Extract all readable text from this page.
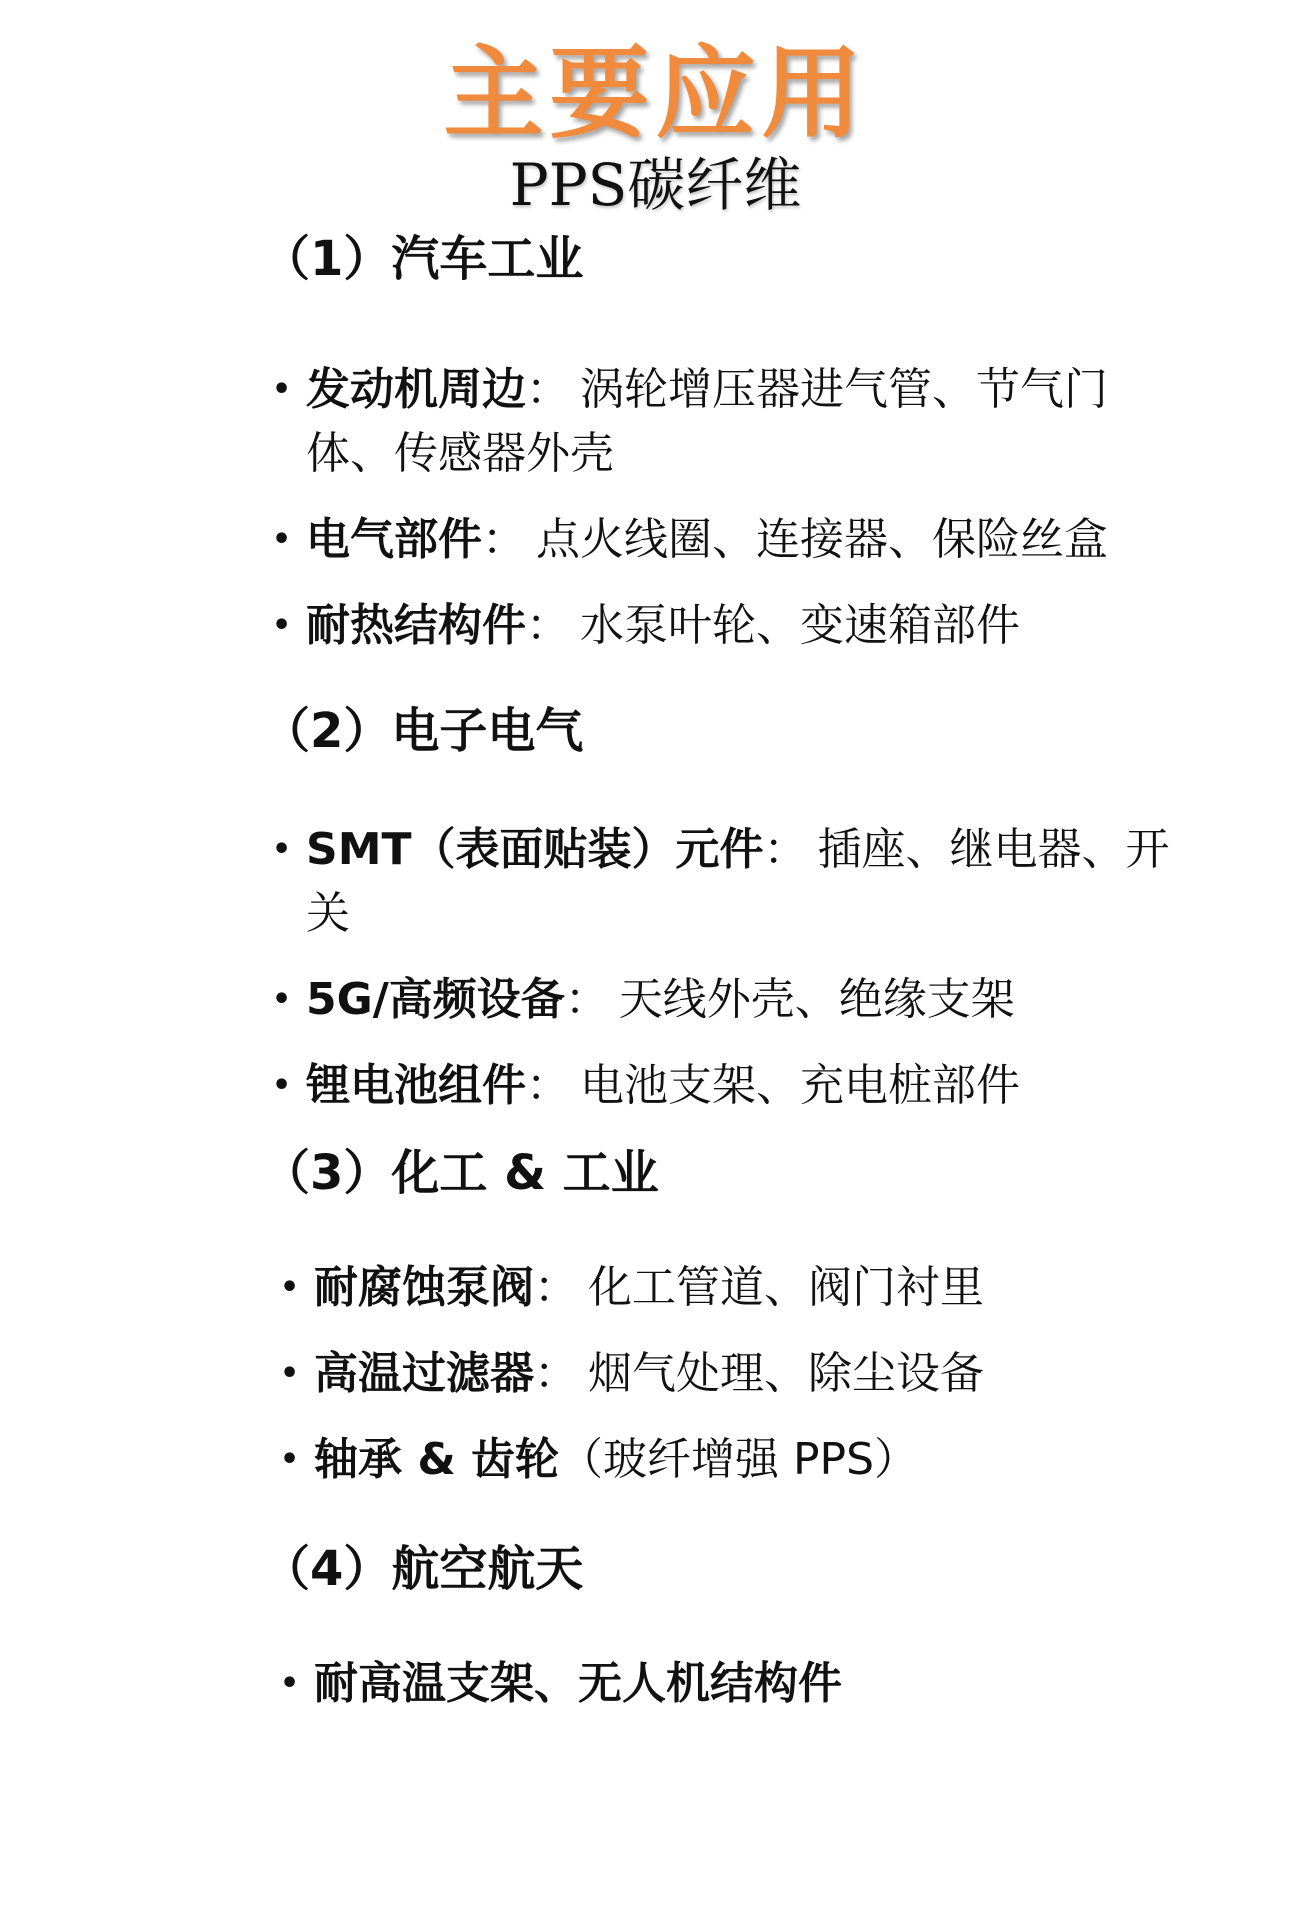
主要应用
PPS碳纤维
（1）汽车工业
• 发动机周边： 涡轮增压器进气管、节气门体、传感器外壳
• 电气部件： 点火线圈、连接器、保险丝盒
• 耐热结构件： 水泵叶轮、变速箱部件
（2）电子电气
• SMT（表面贴装）元件： 插座、继电器、开关
• 5G/高频设备： 天线外壳、绝缘支架
• 锂电池组件： 电池支架、充电桩部件
（3）化工 & 工业
• 耐腐蚀泵阀： 化工管道、阀门衬里
• 高温过滤器： 烟气处理、除尘设备
• 轴承 & 齿轮（玻纤增强 PPS）
（4）航空航天
• 耐高温支架、无人机结构件
